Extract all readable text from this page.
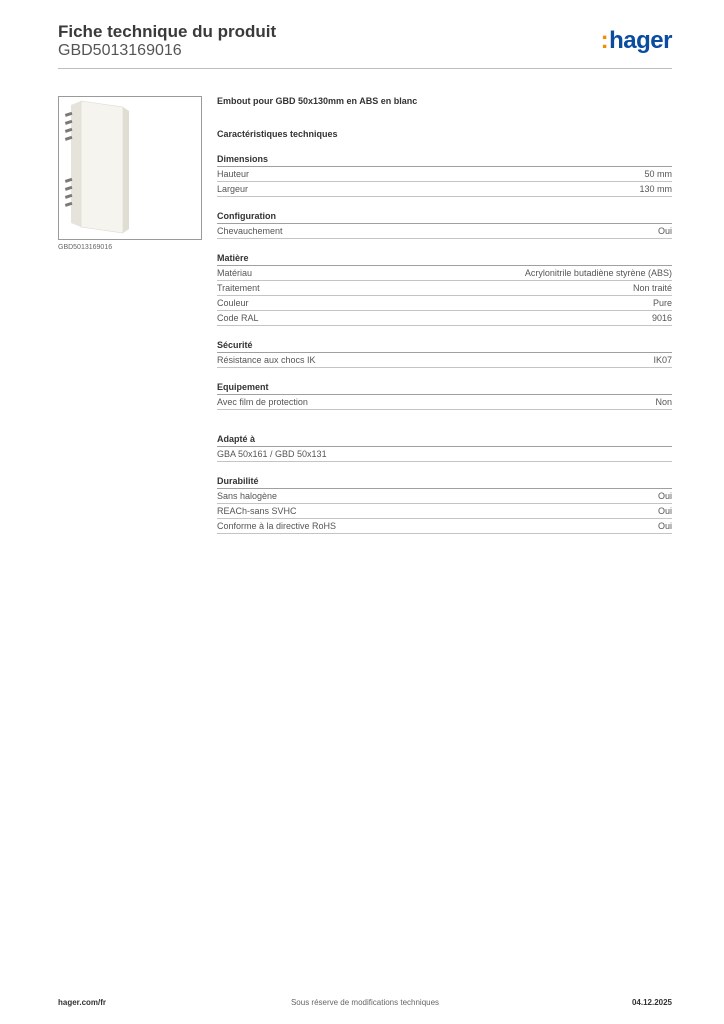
Fiche technique du produit
GBD5013169016	:hager
GBD5013169016
Embout pour GBD 50x130mm en ABS en blanc
Caractéristiques techniques
Dimensions
Hauteur	50 mm
Largeur	130 mm
Configuration
Chevauchement	Oui
Matière
Matériau	Acrylonitrile butadiène styrène (ABS)
Traitement	Non traité
Couleur	Pure
Code RAL	9016
Sécurité
Résistance aux chocs IK	IK07
Equipement
Avec film de protection	Non
Adapté à
GBA 50x161 / GBD 50x131
Durabilité
Sans halogène	Oui
REACh-sans SVHC	Oui
Conforme à la directive RoHS	Oui
hager.com/fr	Sous réserve de modifications techniques	04.12.2025
